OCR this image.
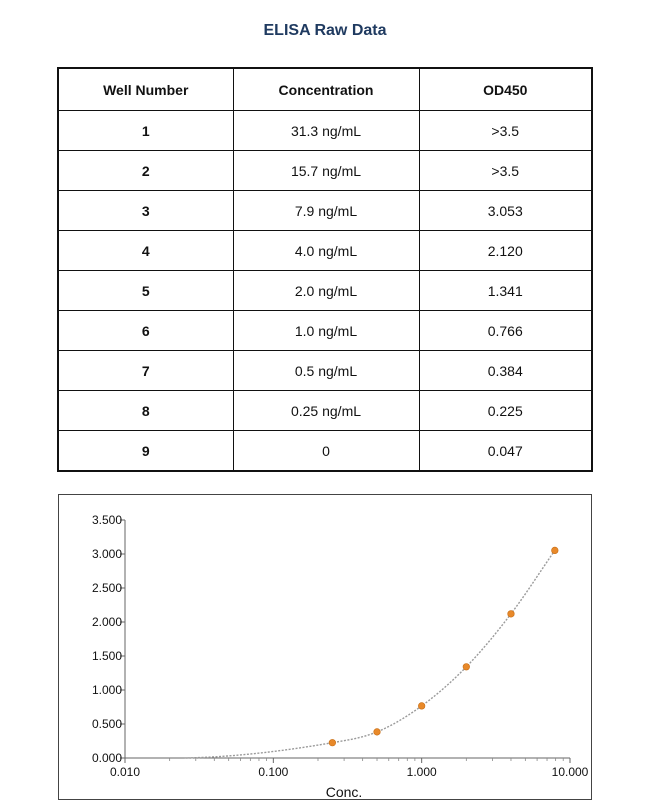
ELISA Raw Data
Well Number	Concentration	OD450
1	31.3 ng/mL	>3.5
2	15.7 ng/mL	>3.5
3	7.9 ng/mL	3.053
4	4.0 ng/mL	2.120
5	2.0 ng/mL	1.341
6	1.0 ng/mL	0.766
7	0.5 ng/mL	0.384
8	0.25 ng/mL	0.225
9	0	0.047
0.000
0.500
1.000
1.500
2.000
2.500
3.000
3.500
0.010	0.100	1.000	10.000
Conc.
